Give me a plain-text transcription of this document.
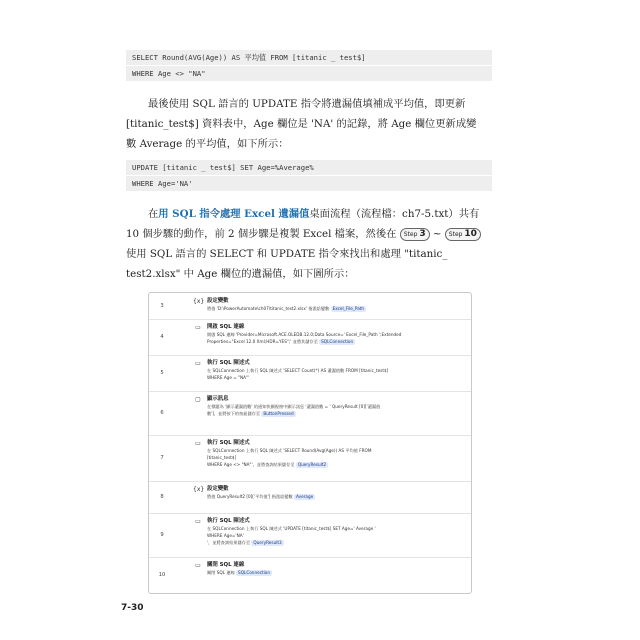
SELECT Round(AVG(Age)) AS 平均值 FROM [titanic _ test$]
WHERE Age <> "NA"
最後使用 SQL 語言的 UPDATE 指令將遺漏值填補成平均值，即更新
[titanic_test$] 資料表中，Age 欄位是 'NA' 的記錄，將 Age 欄位更新成變
數 Average 的平均值，如下所示：
UPDATE [titanic _ test$] SET Age=%Average%
WHERE Age='NA'
在用 SQL 指令處理 Excel 遺漏值桌面流程（流程檔：ch7-5.txt）共有
10 個步驟的動作，前 2 個步驟是複製 Excel 檔案，然後在 Step 3 ~ Step 10
使用 SQL 語言的 SELECT 和 UPDATE 指令來找出和處理 "titanic_
test2.xlsx" 中 Age 欄位的遺漏值，如下圖所示：
3
{x} 設定變數
將值 'D:\PowerAutomate\ch07\titanic_test2.xlsx' 指派給變數 Excel_File_Path
4
▭	開啟 SQL 連線
開啟 SQL 連線 'Provider=Microsoft.ACE.OLEDB.12.0;Data Source=' Excel_File_Path ';Extended
Properties="Excel 12.0 Xml;HDR=YES";' 並將其儲存至 SQLConnection
5
▭	執行 SQL 陳述式
在 SQLConnection 上執行 SQL 陳述式 'SELECT Count(*) AS 遺漏值數 FROM [titanic_test$]
WHERE Age = "NA"'
6
▢	顯示訊息
在標題為 '顯示遺漏值數' 的通知快顯視窗中顯示訊息 '遺漏值數 = ' QueryResult [0]['遺漏值
數']，並將按下的按鈕儲存至 ButtonPressed
7
▭	執行 SQL 陳述式
在 SQLConnection 上執行 SQL 陳述式 'SELECT Round(Avg(Age)) AS 平均值 FROM
[titanic_test$]
WHERE Age <> "NA"'，並將查詢結果儲存至 QueryResult2
8
{x} 設定變數
將值 QueryResult2 [0]['平均值'] 指派給變數 Average
9
▭	執行 SQL 陳述式
在 SQLConnection 上執行 SQL 陳述式 'UPDATE [titanic_test$] SET Age=' Average '
WHERE Age='NA'
'，並將查詢結果儲存至 QueryResult3
10
▭	關閉 SQL 連線
關閉 SQL 連線 SQLConnection
7-30
